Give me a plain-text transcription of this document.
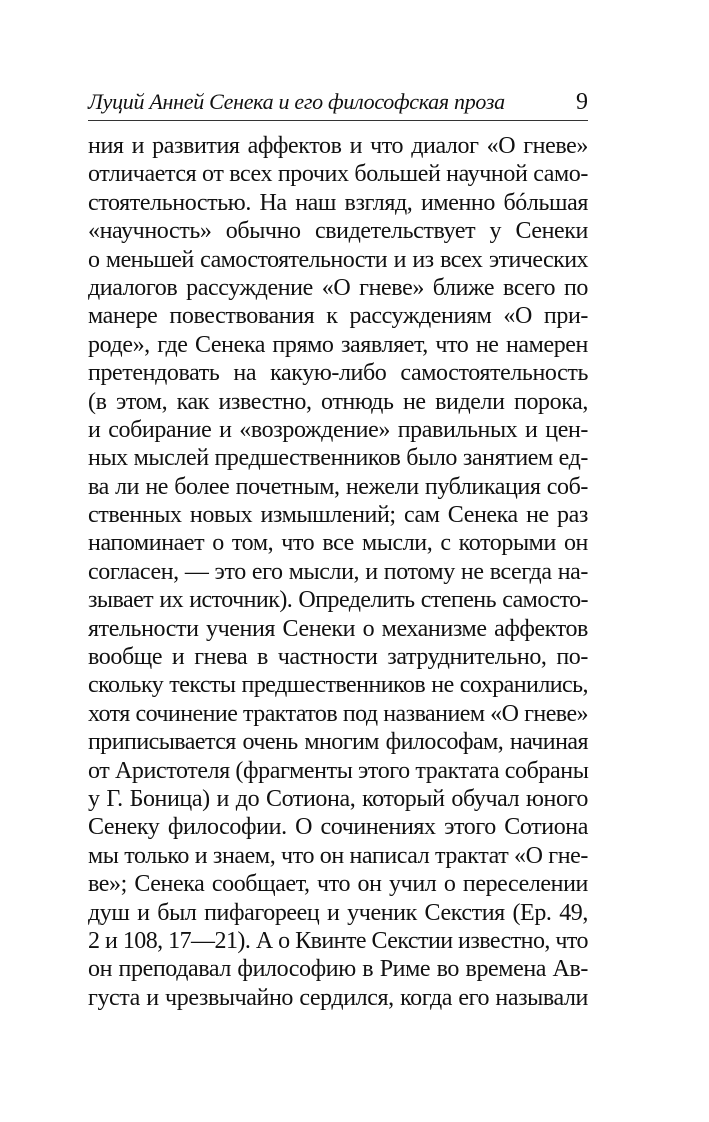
Луций Анней Сенека и его философская проза	9
ния и развития аффектов и что диалог «О гневе»
отличается от всех прочих большей научной само-
стоятельностью. На наш взгляд, именно бóльшая
«научность» обычно свидетельствует у Сенеки
о меньшей самостоятельности и из всех этических
диалогов рассуждение «О гневе» ближе всего по
манере повествования к рассуждениям «О при-
роде», где Сенека прямо заявляет, что не намерен
претендовать на какую-либо самостоятельность
(в этом, как известно, отнюдь не видели порока,
и собирание и «возрождение» правильных и цен-
ных мыслей предшественников было занятием ед-
ва ли не более почетным, нежели публикация соб-
ственных новых измышлений; сам Сенека не раз
напоминает о том, что все мысли, с которыми он
согласен, — это его мысли, и потому не всегда на-
зывает их источник). Определить степень самосто-
ятельности учения Сенеки о механизме аффектов
вообще и гнева в частности затруднительно, по-
скольку тексты предшественников не сохранились,
хотя сочинение трактатов под названием «О гневе»
приписывается очень многим философам, начиная
от Аристотеля (фрагменты этого трактата собраны
у Г. Боница) и до Сотиона, который обучал юного
Сенеку философии. О сочинениях этого Сотиона
мы только и знаем, что он написал трактат «О гне-
ве»; Сенека сообщает, что он учил о переселении
душ и был пифагореец и ученик Секстия (Ер. 49,
2 и 108, 17—21). А о Квинте Секстии известно, что
он преподавал философию в Риме во времена Ав-
густа и чрезвычайно сердился, когда его называли
